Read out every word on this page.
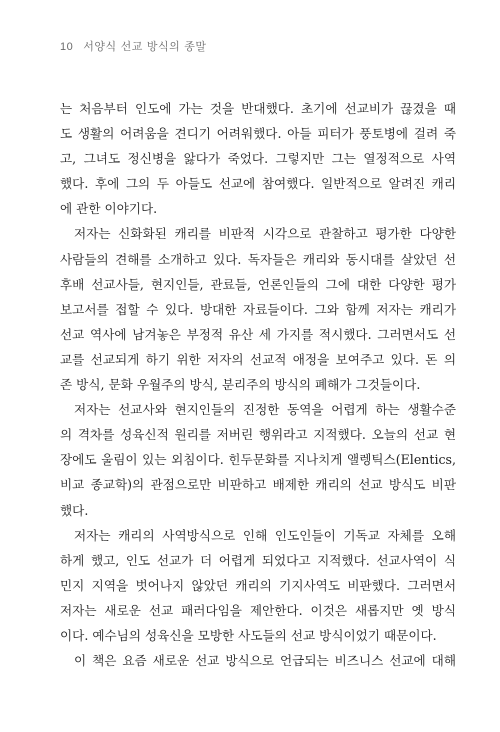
10 서양식 선교 방식의 종말

는 처음부터 인도에 가는 것을 반대했다. 초기에 선교비가 끊겼을 때
도 생활의 어려움을 견디기 어려워했다. 아들 피터가 풍토병에 걸려 죽
고, 그녀도 정신병을 앓다가 죽었다. 그렇지만 그는 열정적으로 사역
했다. 후에 그의 두 아들도 선교에 참여했다. 일반적으로 알려진 캐리
에 관한 이야기다.

저자는 신화화된 캐리를 비판적 시각으로 관찰하고 평가한 다양한
사람들의 견해를 소개하고 있다. 독자들은 캐리와 동시대를 살았던 선
후배 선교사들, 현지인들, 관료들, 언론인들의 그에 대한 다양한 평가
보고서를 접할 수 있다. 방대한 자료들이다. 그와 함께 저자는 캐리가
선교 역사에 남겨놓은 부정적 유산 세 가지를 적시했다. 그러면서도 선
교를 선교되게 하기 위한 저자의 선교적 애정을 보여주고 있다. 돈 의
존 방식, 문화 우월주의 방식, 분리주의 방식의 폐해가 그것들이다.

저자는 선교사와 현지인들의 진정한 동역을 어렵게 하는 생활수준
의 격차를 성육신적 원리를 저버린 행위라고 지적했다. 오늘의 선교 현
장에도 울림이 있는 외침이다. 힌두문화를 지나치게 앨렝틱스(Elentics,
비교 종교학)의 관점으로만 비판하고 배제한 캐리의 선교 방식도 비판
했다.

저자는 캐리의 사역방식으로 인해 인도인들이 기독교 자체를 오해
하게 했고, 인도 선교가 더 어렵게 되었다고 지적했다. 선교사역이 식
민지 지역을 벗어나지 않았던 캐리의 기지사역도 비판했다. 그러면서
저자는 새로운 선교 패러다임을 제안한다. 이것은 새롭지만 옛 방식
이다. 예수님의 성육신을 모방한 사도들의 선교 방식이었기 때문이다.

이 책은 요즘 새로운 선교 방식으로 언급되는 비즈니스 선교에 대해
